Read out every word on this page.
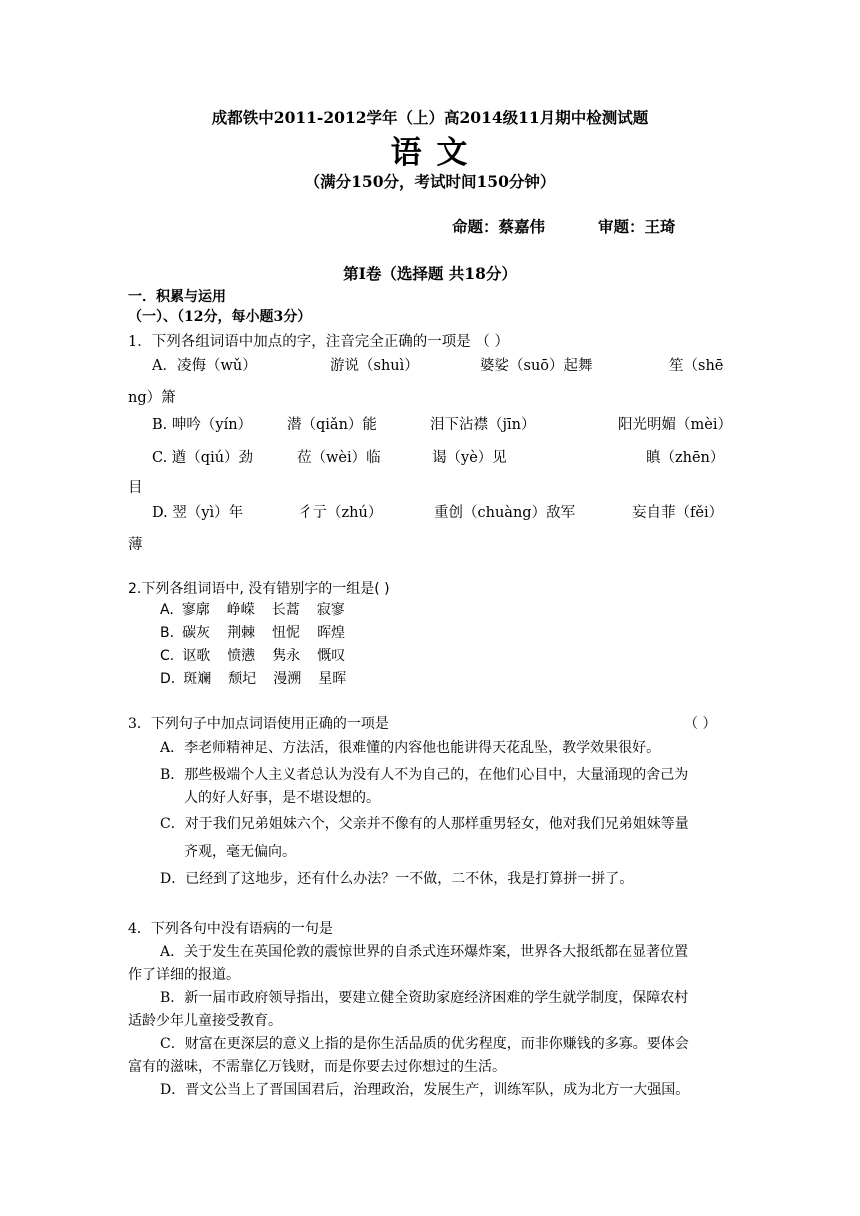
成都铁中2011-2012学年（上）高2014级11月期中检测试题
语 文
（满分150分，考试时间150分钟）
命题：蔡嘉伟	审题：王琦
第Ⅰ卷（选择题 共18分）
一．积累与运用
（一）、（12分，每小题3分）
1．下列各组词语中加点的字，注音完全正确的一项是 （ ）
A．凌侮（wǔ）	游说（shuì）	婆娑（suō）起舞	笙（shē
ng）箫
B. 呻吟（yín） 潜（qiǎn）能	泪下沾襟（jīn）	阳光明媚（mèi）
C. 遒（qiú）劲	莅（wèi）临	谒（yè）见	瞋（zhēn）
目
D. 翌（yì）年	彳亍（zhú）	重创（chuàng）敌军	妄自菲（fěi）
薄
2.下列各组词语中, 没有错别字的一组是( )
A. 寥廓 峥嵘 长蒿 寂寥
B. 碳灰 荆棘 忸怩 晖煌
C. 讴歌 愤懑 隽永 慨叹
D. 斑斓 颓圮 漫溯 星晖
3．下列句子中加点词语使用正确的一项是	（ ）
A．李老师精神足、方法活，很难懂的内容他也能讲得天花乱坠，教学效果很好。
B．那些极端个人主义者总认为没有人不为自己的，在他们心目中，大量涌现的舍己为
人的好人好事，是不堪设想的。
C．对于我们兄弟姐妹六个，父亲并不像有的人那样重男轻女，他对我们兄弟姐妹等量
齐观，毫无偏向。
D．已经到了这地步，还有什么办法？一不做，二不休，我是打算拼一拼了。
4．下列各句中没有语病的一句是
A．关于发生在英国伦敦的震惊世界的自杀式连环爆炸案，世界各大报纸都在显著位置
作了详细的报道。
B．新一届市政府领导指出，要建立健全资助家庭经济困难的学生就学制度，保障农村
适龄少年儿童接受教育。
C．财富在更深层的意义上指的是你生活品质的优劣程度，而非你赚钱的多寡。要体会
富有的滋味，不需靠亿万钱财，而是你要去过你想过的生活。
D．晋文公当上了晋国国君后，治理政治，发展生产，训练军队，成为北方一大强国。
